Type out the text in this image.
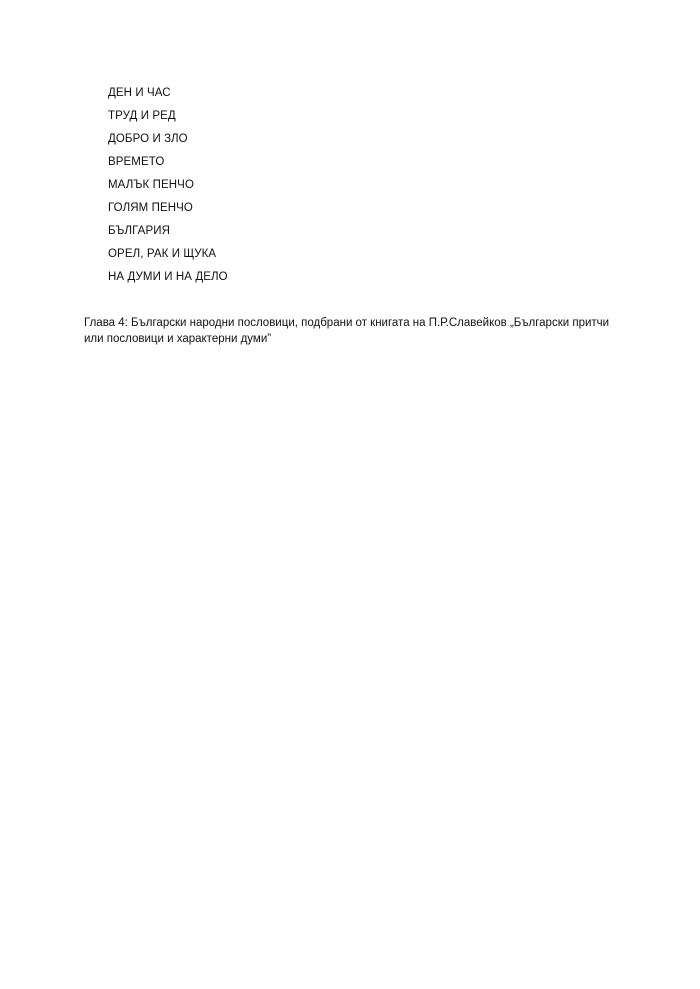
ДЕН И ЧАС
ТРУД И РЕД
ДОБРО И ЗЛО
ВРЕМЕТО
МАЛЪК ПЕНЧО
ГОЛЯМ ПЕНЧО
БЪЛГАРИЯ
ОРЕЛ, РАК И ЩУКА
НА ДУМИ И НА ДЕЛО

Глава 4: Български народни пословици, подбрани от книгата на П.Р.Славейков „Български притчи или пословици и характерни думи”
